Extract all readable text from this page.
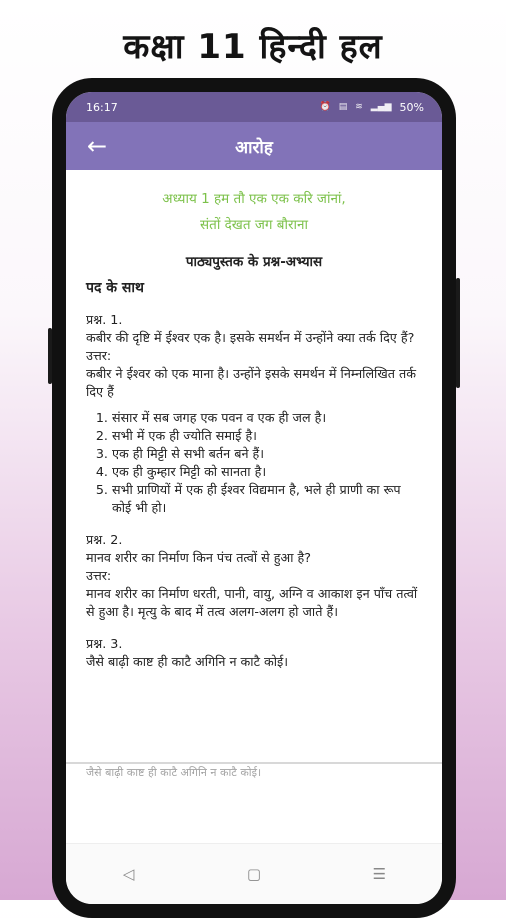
कक्षा 11 हिन्दी हल
16:17	⏰ ▤ ≋ ▂▄▆ 50%
←	आरोह
अध्याय 1 हम तौ एक एक करि जांनां,
संतों देखत जग बौराना
पाठ्यपुस्तक के प्रश्न-अभ्यास
पद के साथ

प्रश्न. 1.

कबीर की दृष्टि में ईश्वर एक है। इसके समर्थन में उन्होंने क्या तर्क दिए हैं?

उत्तर:

कबीर ने ईश्वर को एक माना है। उन्होंने इसके समर्थन में निम्नलिखित तर्क दिए हैं

1. संसार में सब जगह एक पवन व एक ही जल है।
2. सभी में एक ही ज्योति समाई है।
3. एक ही मिट्टी से सभी बर्तन बने हैं।
4. एक ही कुम्हार मिट्टी को सानता है।
5. सभी प्राणियों में एक ही ईश्वर विद्यमान है, भले ही प्राणी का रूप कोई भी हो।

प्रश्न. 2.

मानव शरीर का निर्माण किन पंच तत्वों से हुआ है?

उत्तर:

मानव शरीर का निर्माण धरती, पानी, वायु, अग्नि व आकाश इन पाँच तत्वों से हुआ है। मृत्यु के बाद में तत्व अलग-अलग हो जाते हैं।

प्रश्न. 3.

जैसे बाढ़ी काष्ट ही काटै अगिनि न काटै कोई।

जैसे बाढ़ी काष्ट ही काटै अगिनि न काटै कोई।
◁	▢	☰
